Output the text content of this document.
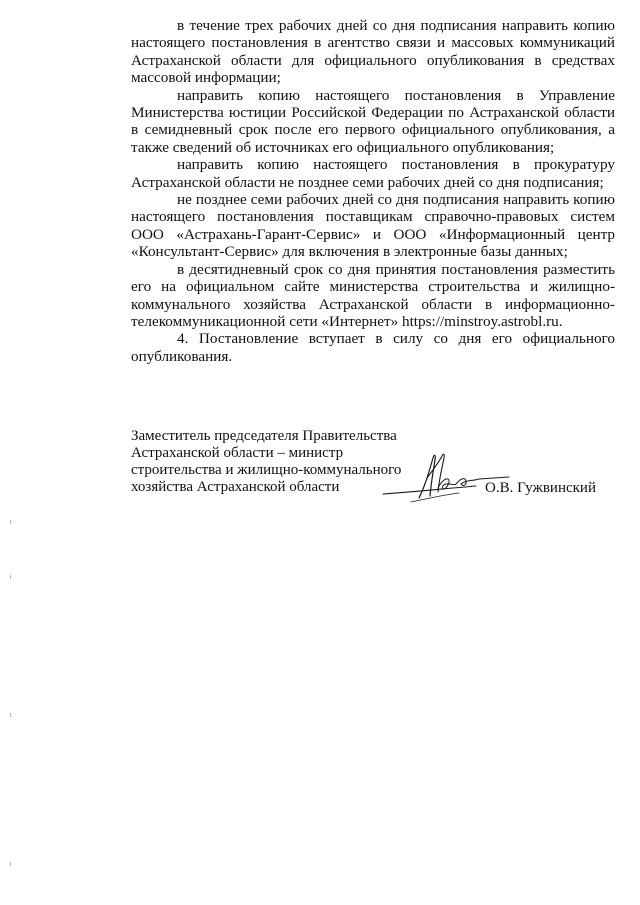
в течение трех рабочих дней со дня подписания направить копию настоящего постановления в агентство связи и массовых коммуникаций Астраханской области для официального опубликования в средствах массовой информации;

направить копию настоящего постановления в Управление Министерства юстиции Российской Федерации по Астраханской области в семидневный срок после его первого официального опубликования, а также сведений об источниках его официального опубликования;

направить копию настоящего постановления в прокуратуру Астраханской области не позднее семи рабочих дней со дня подписания;

не позднее семи рабочих дней со дня подписания направить копию настоящего постановления поставщикам справочно-правовых систем ООО «Астрахань-Гарант-Сервис» и ООО «Информационный центр «Консультант-Сервис» для включения в электронные базы данных;

в десятидневный срок со дня принятия постановления разместить его на официальном сайте министерства строительства и жилищно-коммунального хозяйства Астраханской области в информационно-телекоммуникационной сети «Интернет» https://minstroy.astrobl.ru.

4. Постановление вступает в силу со дня его официального опубликования.

Заместитель председателя Правительства
Астраханской области – министр
строительства и жилищно-коммунального
хозяйства Астраханской области	О.В. Гужвинский
